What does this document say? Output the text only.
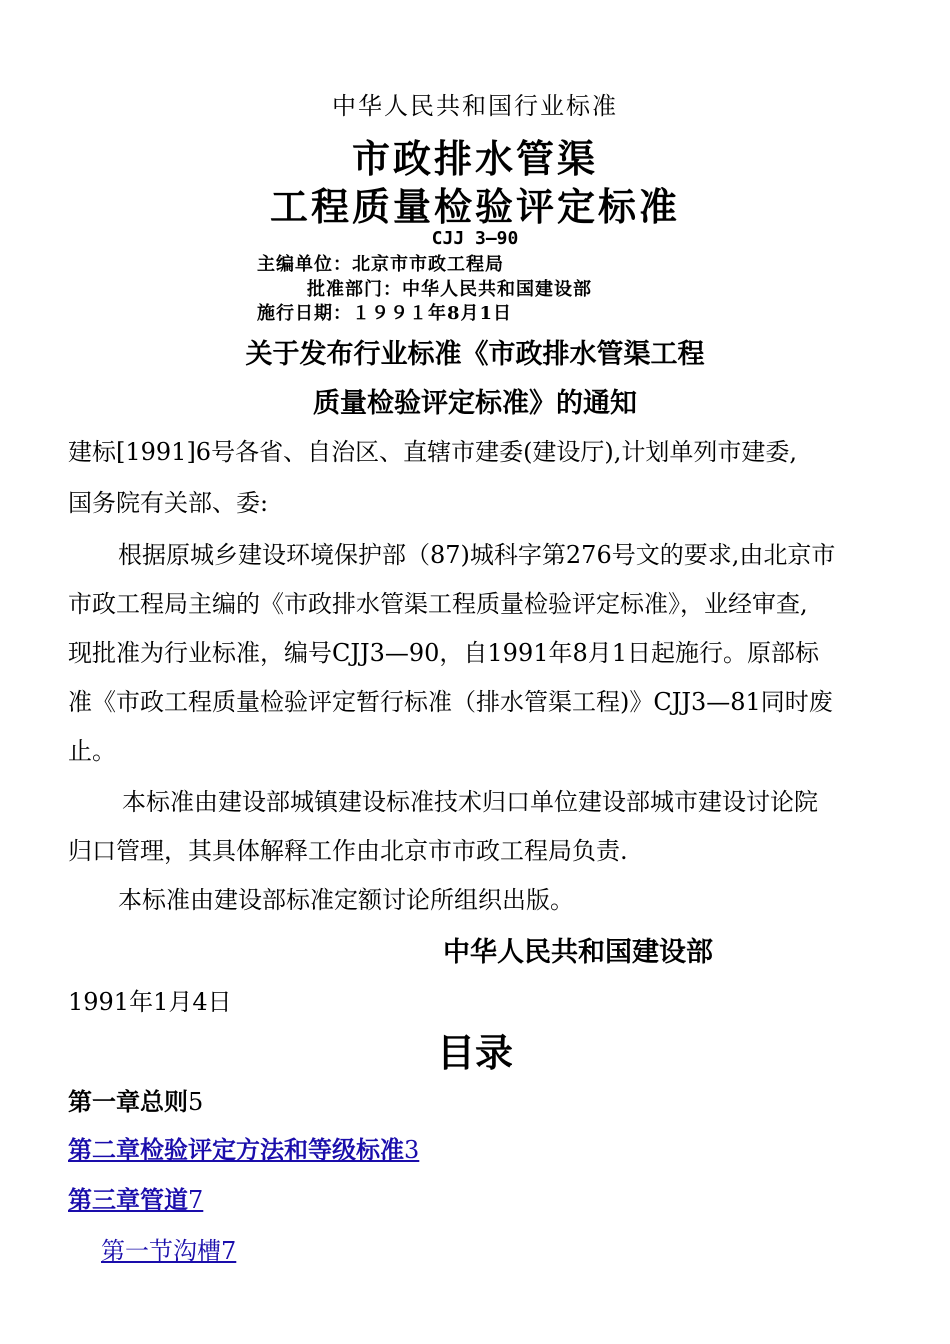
中华人民共和国行业标准
市政排水管渠
工程质量检验评定标准
CJJ 3—90
主编单位：北京市市政工程局
批准部门：中华人民共和国建设部
施行日期：１９９１年8月1日
关于发布行业标准《市政排水管渠工程
质量检验评定标准》的通知
建标[1991]6号各省、自治区、直辖市建委(建设厅),计划单列市建委,
国务院有关部、委:
根据原城乡建设环境保护部（87)城科字第276号文的要求,由北京市
市政工程局主编的《市政排水管渠工程质量检验评定标准》，业经审查,
现批准为行业标准，编号CJJ3—90，自1991年8月1日起施行。原部标
准《市政工程质量检验评定暂行标准（排水管渠工程)》CJJ3—81同时废
止。
本标准由建设部城镇建设标准技术归口单位建设部城市建设讨论院
归口管理，其具体解释工作由北京市市政工程局负责.
本标准由建设部标准定额讨论所组织出版。
中华人民共和国建设部
1991年1月4日
目录
第一章总则5
第二章检验评定方法和等级标准3
第三章管道7
第一节沟槽7
